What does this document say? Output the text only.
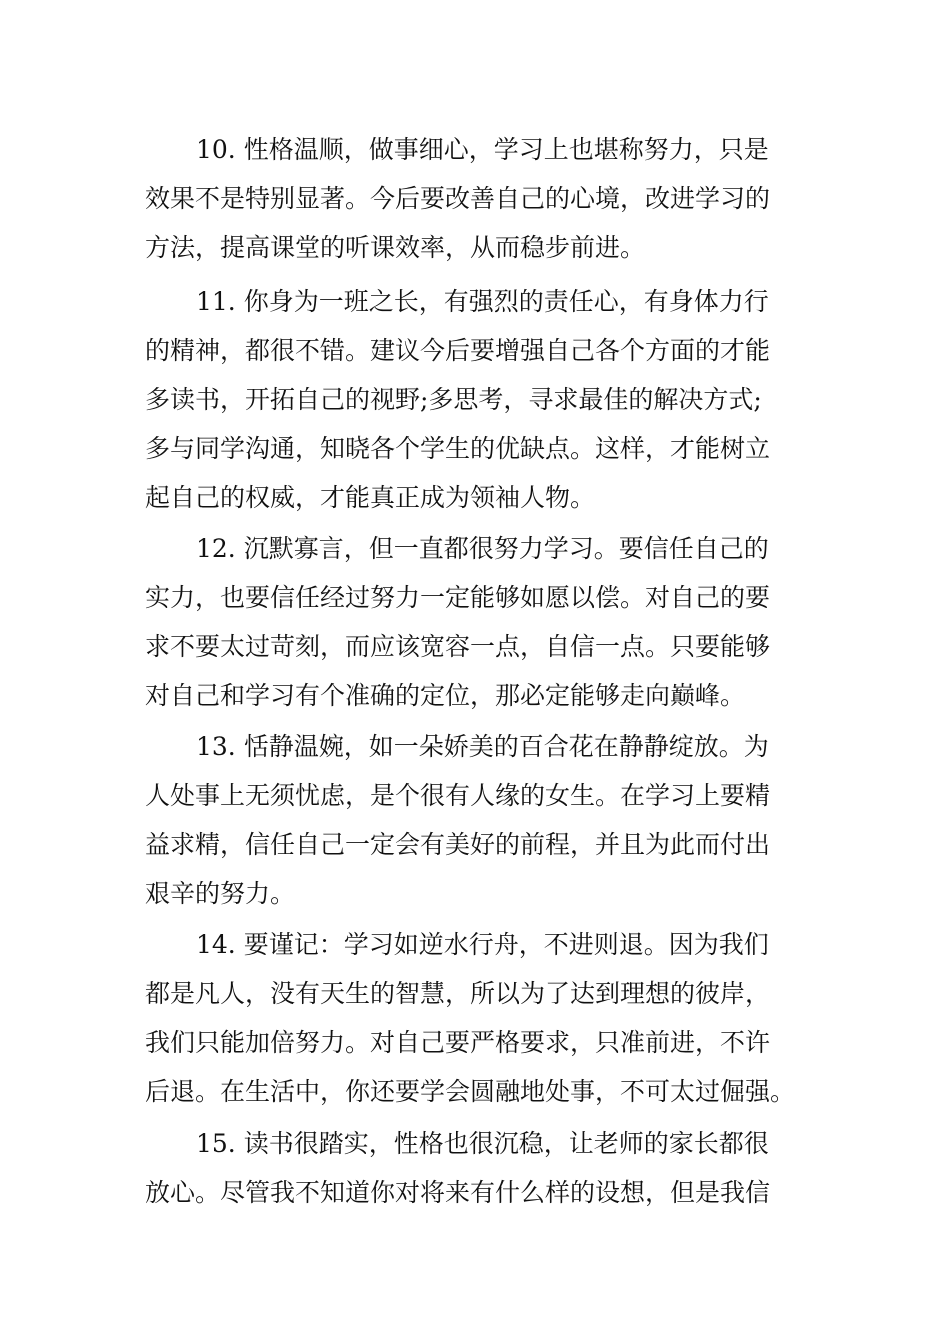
10. 性格温顺，做事细心，学习上也堪称努力，只是
效果不是特别显著。今后要改善自己的心境，改进学习的
方法，提高课堂的听课效率，从而稳步前进。
11. 你身为一班之长，有强烈的责任心，有身体力行
的精神，都很不错。建议今后要增强自己各个方面的才能
多读书，开拓自己的视野;多思考，寻求最佳的解决方式;
多与同学沟通，知晓各个学生的优缺点。这样，才能树立
起自己的权威，才能真正成为领袖人物。
12. 沉默寡言，但一直都很努力学习。要信任自己的
实力，也要信任经过努力一定能够如愿以偿。对自己的要
求不要太过苛刻，而应该宽容一点，自信一点。只要能够
对自己和学习有个准确的定位，那必定能够走向巅峰。
13. 恬静温婉，如一朵娇美的百合花在静静绽放。为
人处事上无须忧虑，是个很有人缘的女生。在学习上要精
益求精，信任自己一定会有美好的前程，并且为此而付出
艰辛的努力。
14. 要谨记：学习如逆水行舟，不进则退。因为我们
都是凡人，没有天生的智慧，所以为了达到理想的彼岸，
我们只能加倍努力。对自己要严格要求，只准前进，不许
后退。在生活中，你还要学会圆融地处事，不可太过倔强。
15. 读书很踏实，性格也很沉稳，让老师的家长都很
放心。尽管我不知道你对将来有什么样的设想，但是我信
